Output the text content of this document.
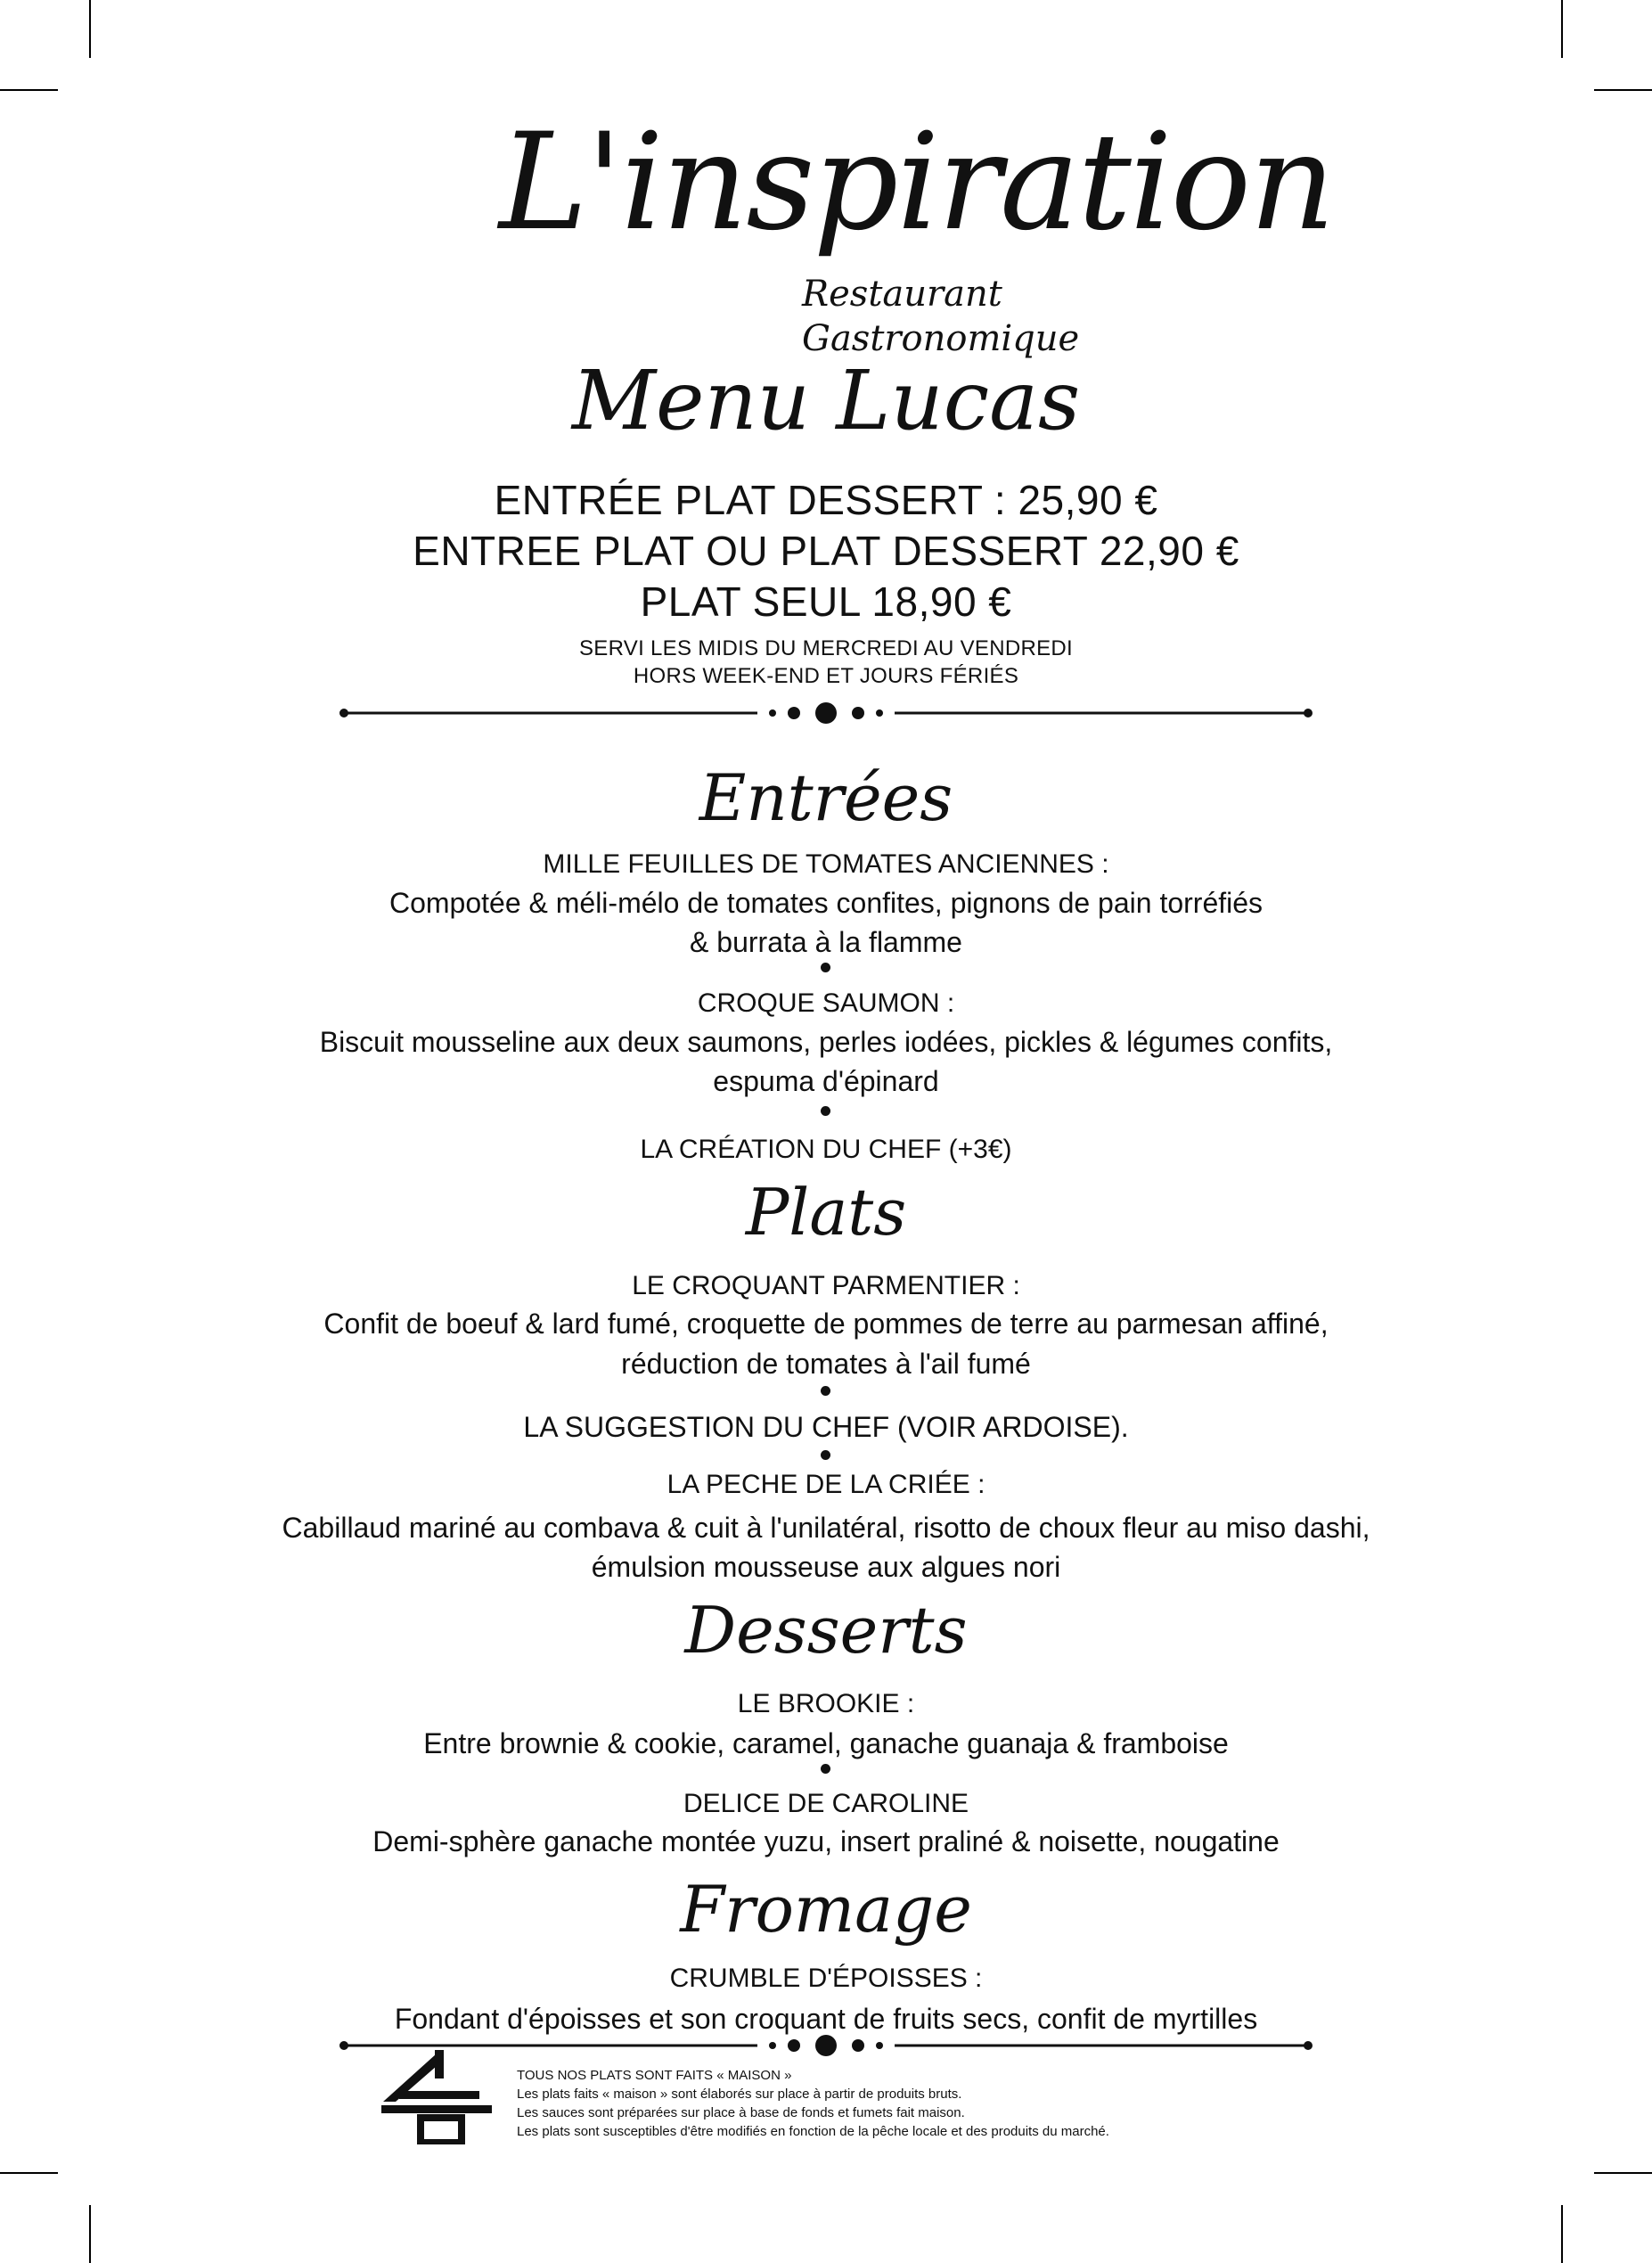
L'inspiration
Restaurant Gastronomique
Menu Lucas
ENTRÉE PLAT DESSERT : 25,90 €
ENTREE PLAT OU PLAT DESSERT 22,90 €
PLAT SEUL 18,90 €
SERVI LES MIDIS DU MERCREDI AU VENDREDI
HORS WEEK-END ET JOURS FÉRIÉS
Entrées
MILLE FEUILLES DE TOMATES ANCIENNES :
Compotée & méli-mélo de tomates confites, pignons de pain torréfiés
& burrata à la flamme
CROQUE SAUMON :
Biscuit mousseline aux deux saumons, perles iodées, pickles & légumes confits,
espuma d'épinard
LA CRÉATION DU CHEF (+3€)
Plats
LE CROQUANT PARMENTIER :
Confit de boeuf & lard fumé, croquette de pommes de terre au parmesan affiné,
réduction de tomates à l'ail fumé
LA SUGGESTION DU CHEF (VOIR ARDOISE).
LA PECHE DE LA CRIÉE :
Cabillaud mariné au combava & cuit à l'unilatéral, risotto de choux fleur au miso dashi,
émulsion mousseuse aux algues nori
Desserts
LE BROOKIE :
Entre brownie & cookie, caramel, ganache guanaja & framboise
DELICE DE CAROLINE
Demi-sphère ganache montée yuzu, insert praliné & noisette, nougatine
Fromage
CRUMBLE D'ÉPOISSES :
Fondant d'époisses et son croquant de fruits secs, confit de myrtilles
TOUS NOS PLATS SONT FAITS « MAISON »
Les plats faits « maison » sont élaborés sur place à partir de produits bruts.
Les sauces sont préparées sur place à base de fonds et fumets fait maison.
Les plats sont susceptibles d'être modifiés en fonction de la pêche locale et des produits du marché.
